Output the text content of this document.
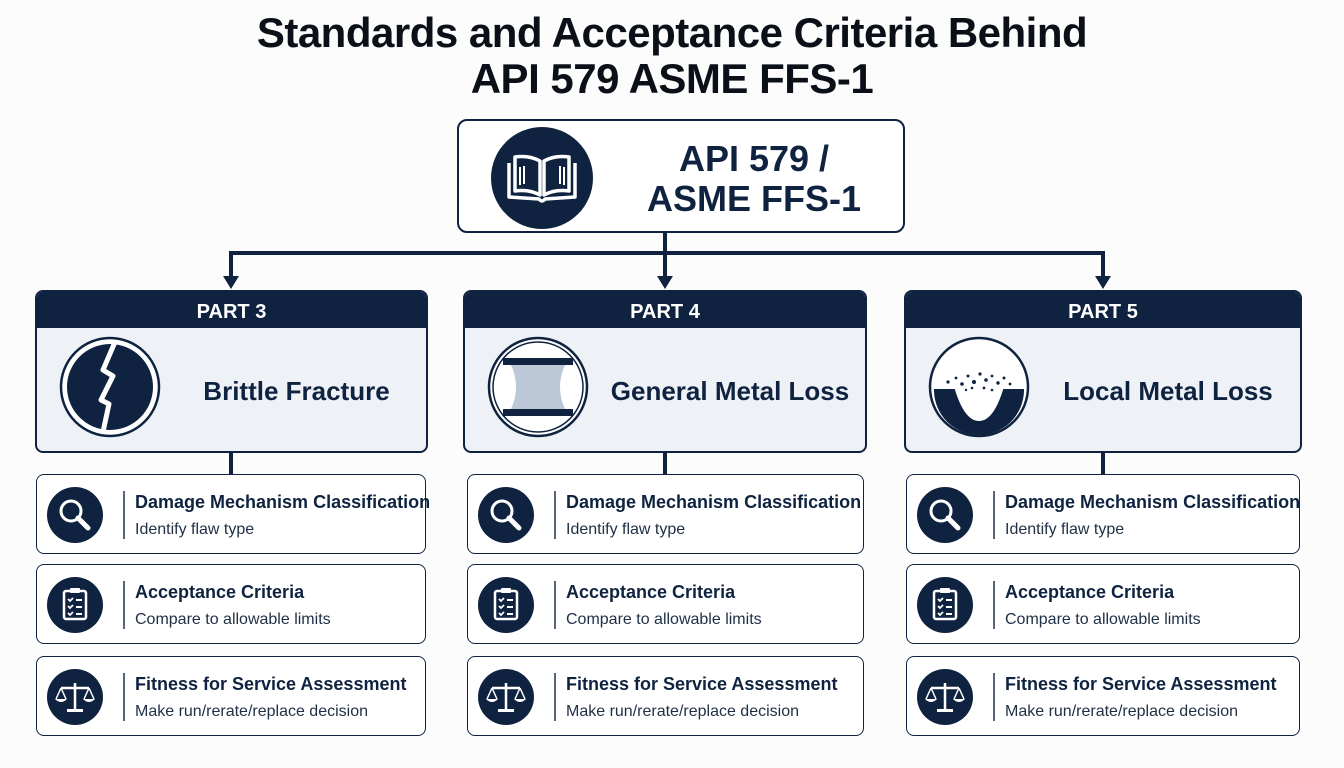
Standards and Acceptance Criteria Behind
API 579 ASME FFS-1
API 579 /
ASME FFS-1
PART 3
Brittle Fracture
PART 4
General Metal Loss
PART 5
Local Metal Loss
Damage Mechanism Classification
Identify flaw type
Acceptance Criteria
Compare to allowable limits
Fitness for Service Assessment
Make run/rerate/replace decision
Damage Mechanism Classification
Identify flaw type
Acceptance Criteria
Compare to allowable limits
Fitness for Service Assessment
Make run/rerate/replace decision
Damage Mechanism Classification
Identify flaw type
Acceptance Criteria
Compare to allowable limits
Fitness for Service Assessment
Make run/rerate/replace decision
